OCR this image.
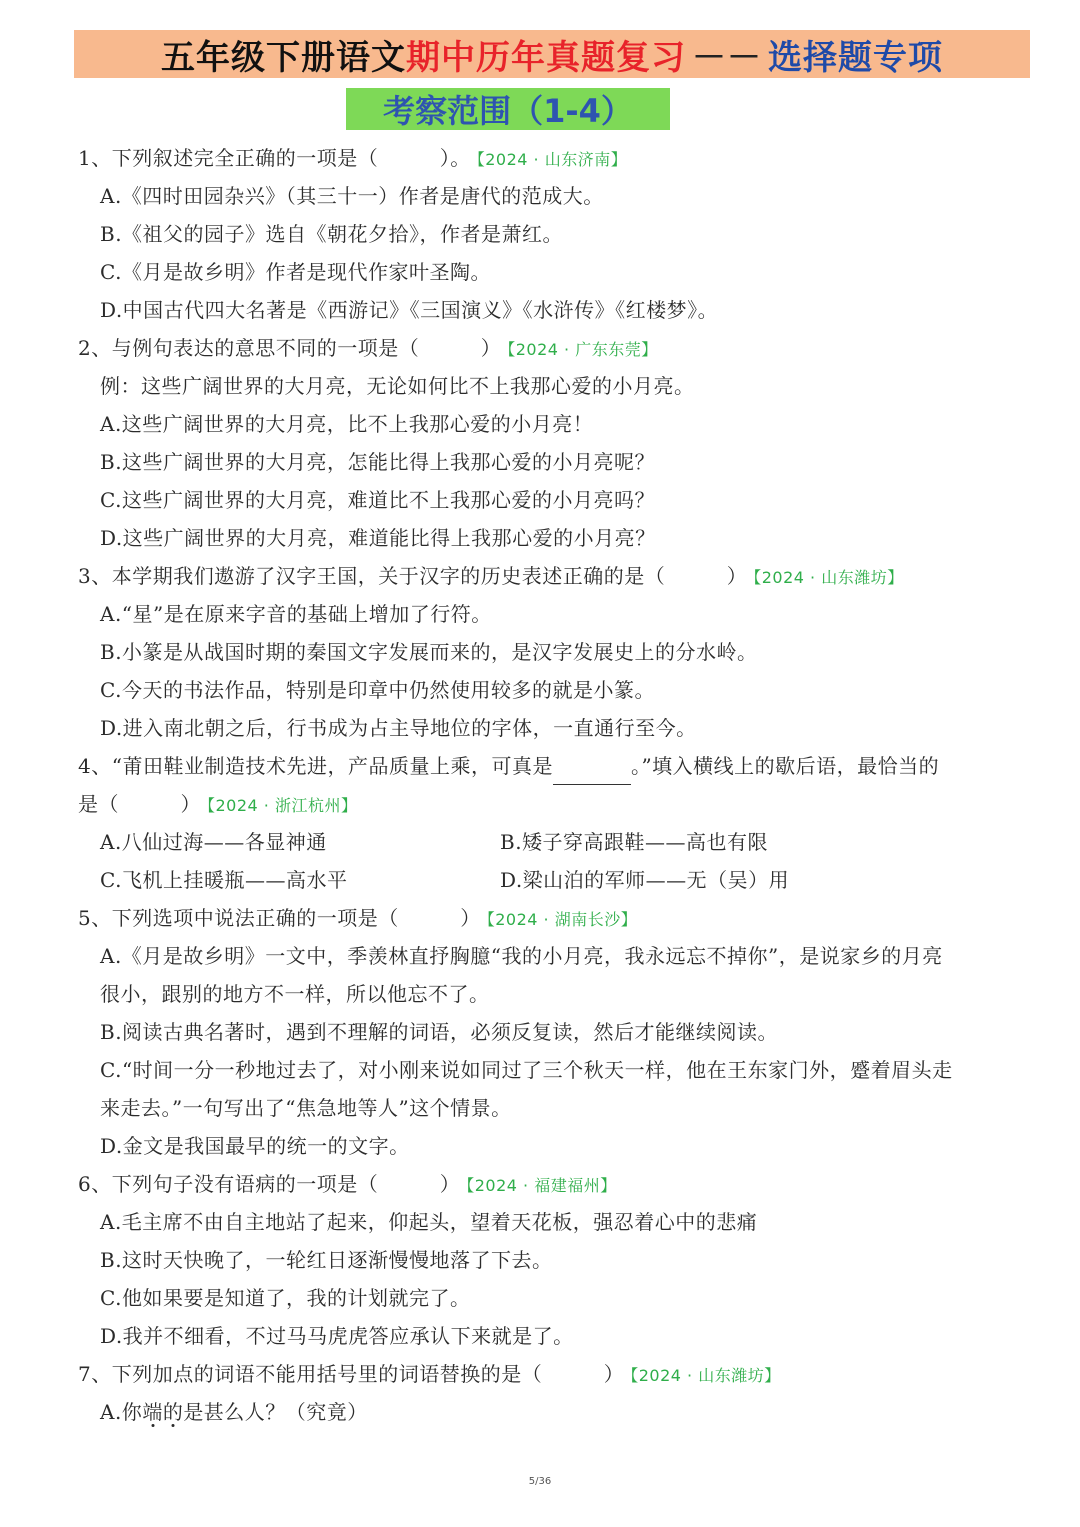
五年级下册语文 期中历年真题复习 －－ 选择题专项
考察范围（1-4）
1、下列叙述完全正确的一项是（　　　）。 【2024 · 山东济南】
A.《四时田园杂兴》（其三十一）作者是唐代的范成大。
B.《祖父的园子》选自《朝花夕拾》，作者是萧红。
C.《月是故乡明》作者是现代作家叶圣陶。
D.中国古代四大名著是《西游记》《三国演义》《水浒传》《红楼梦》。
2、与例句表达的意思不同的一项是（　　　） 【2024 · 广东东莞】
例：这些广阔世界的大月亮，无论如何比不上我那心爱的小月亮。
A.这些广阔世界的大月亮，比不上我那心爱的小月亮！
B.这些广阔世界的大月亮，怎能比得上我那心爱的小月亮呢？
C.这些广阔世界的大月亮，难道比不上我那心爱的小月亮吗？
D.这些广阔世界的大月亮，难道能比得上我那心爱的小月亮？
3、本学期我们遨游了汉字王国，关于汉字的历史表述正确的是（　　　） 【2024 · 山东潍坊】
A.“星”是在原来字音的基础上增加了行符。
B.小篆是从战国时期的秦国文字发展而来的，是汉字发展史上的分水岭。
C.今天的书法作品，特别是印章中仍然使用较多的就是小篆。
D.进入南北朝之后，行书成为占主导地位的字体，一直通行至今。
4、“莆田鞋业制造技术先进，产品质量上乘，可真是	。”填入横线上的歇后语，最恰当的
是（　　　） 【2024 · 浙江杭州】
A.八仙过海——各显神通	B.矮子穿高跟鞋——高也有限
C.飞机上挂暖瓶——高水平	D.梁山泊的军师——无（吴）用
5、下列选项中说法正确的一项是（　　　） 【2024 · 湖南长沙】
A.《月是故乡明》一文中，季羡林直抒胸臆“我的小月亮，我永远忘不掉你”，是说家乡的月亮
很小，跟别的地方不一样，所以他忘不了。
B.阅读古典名著时，遇到不理解的词语，必须反复读，然后才能继续阅读。
C.“时间一分一秒地过去了，对小刚来说如同过了三个秋天一样，他在王东家门外，蹙着眉头走
来走去。”一句写出了“焦急地等人”这个情景。
D.金文是我国最早的统一的文字。
6、下列句子没有语病的一项是（　　　） 【2024 · 福建福州】
A.毛主席不由自主地站了起来，仰起头，望着天花板，强忍着心中的悲痛
B.这时天快晚了，一轮红日逐渐慢慢地落了下去。
C.他如果要是知道了，我的计划就完了。
D.我并不细看，不过马马虎虎答应承认下来就是了。
7、下列加点的词语不能用括号里的词语替换的是（　　　） 【2024 · 山东潍坊】
A.你端的是甚么人？（究竟）
5/36
